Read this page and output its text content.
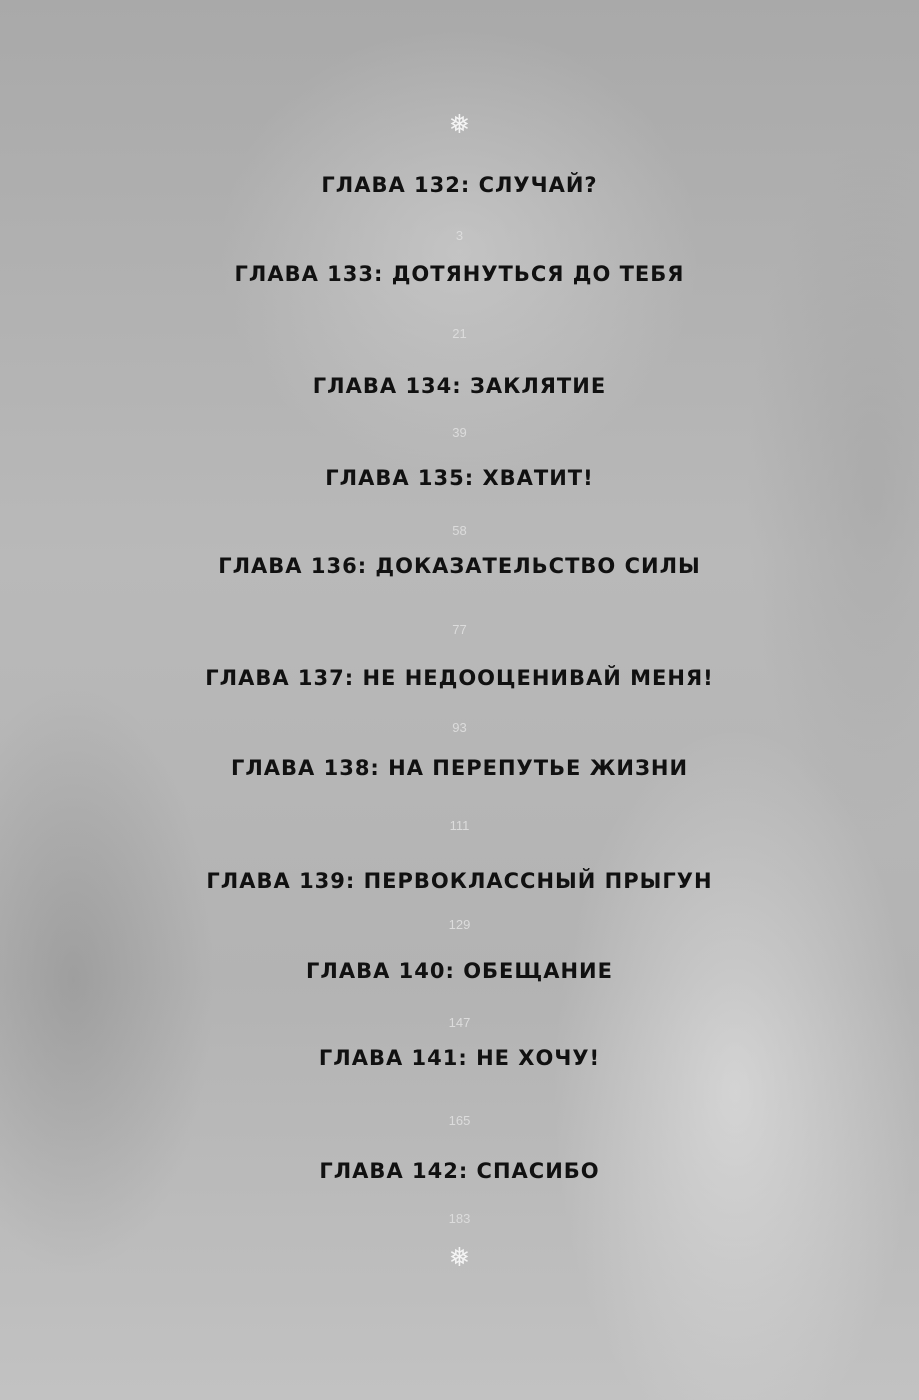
❅
ГЛАВА 132: СЛУЧАЙ?
3
ГЛАВА 133: ДОТЯНУТЬСЯ ДО ТЕБЯ
21
ГЛАВА 134: ЗАКЛЯТИЕ
39
ГЛАВА 135: ХВАТИТ!
58
ГЛАВА 136: ДОКАЗАТЕЛЬСТВО СИЛЫ
77
ГЛАВА 137: НЕ НЕДООЦЕНИВАЙ МЕНЯ!
93
ГЛАВА 138: НА ПЕРЕПУТЬЕ ЖИЗНИ
111
ГЛАВА 139: ПЕРВОКЛАССНЫЙ ПРЫГУН
129
ГЛАВА 140: ОБЕЩАНИЕ
147
ГЛАВА 141: НЕ ХОЧУ!
165
ГЛАВА 142: СПАСИБО
183
❅
